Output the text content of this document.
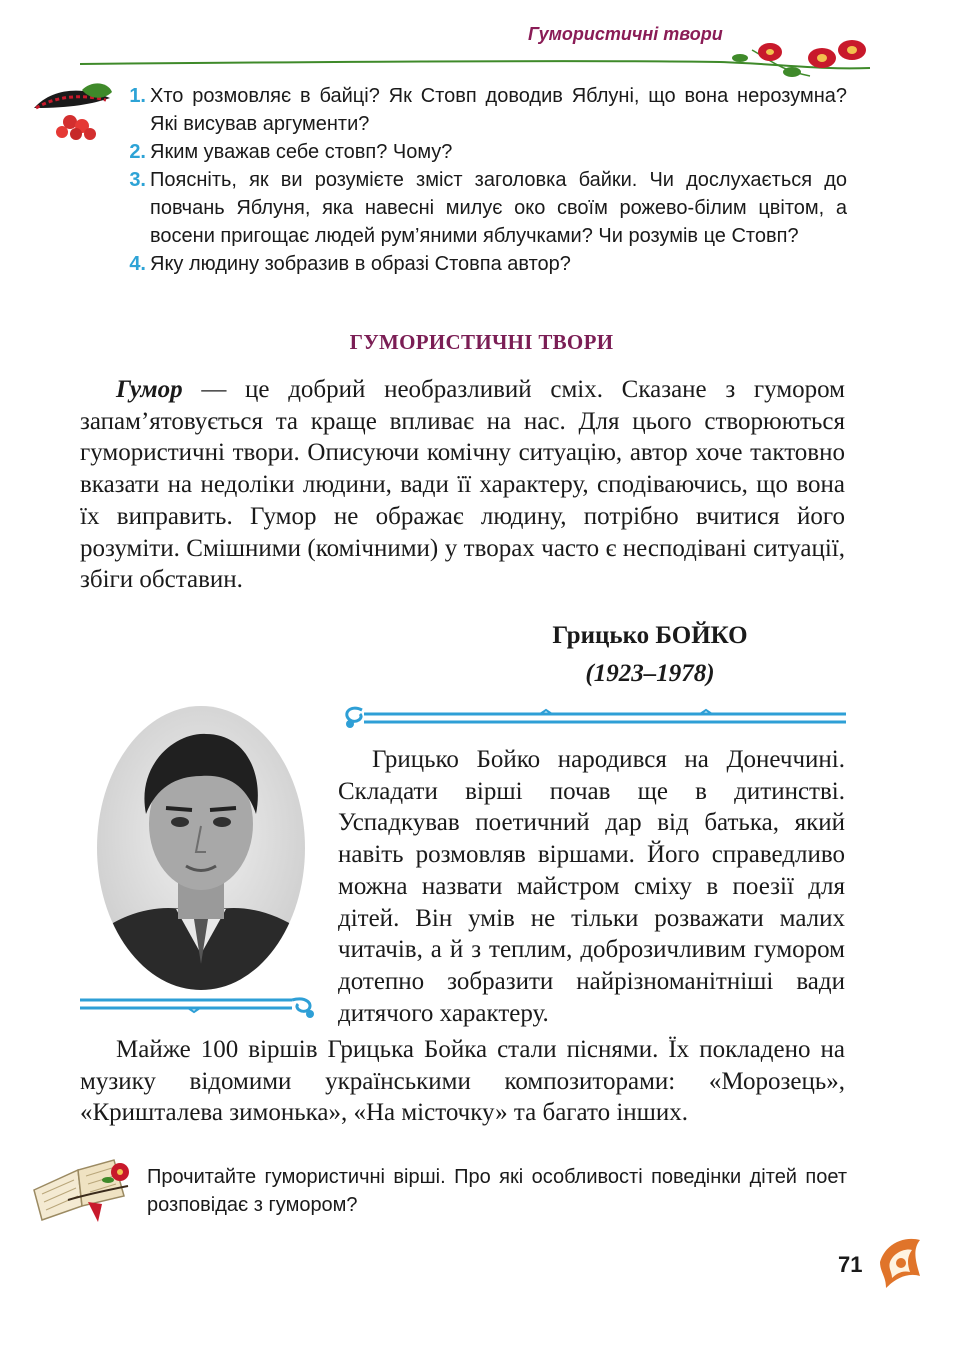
Гумористичні твори
1. Хто розмовляє в байці? Як Стовп доводив Яблуні, що вона нерозумна? Які висував аргументи?
2. Яким уважав себе стовп? Чому?
3. Поясніть, як ви розумієте зміст заголовка байки. Чи дослухається до повчань Яблуня, яка навесні милує око своїм рожево-білим цвітом, а восени пригощає людей рум’яними яблучками? Чи розумів це Стовп?
4. Яку людину зобразив в образі Стовпа автор?
ГУМОРИСТИЧНІ ТВОРИ

Гумор — це добрий необразливий сміх. Сказане з гумором запам’ятовується та краще впливає на нас. Для цього створюються гумористичні твори. Описуючи комічну ситуацію, автор хоче тактовно вказати на недоліки людини, вади її характеру, сподіваючись, що вона їх виправить. Гумор не ображає людину, потрібно вчитися його розуміти. Смішними (комічними) у творах часто є несподівані ситуації, збіги обставин.

Грицько БОЙКО
(1923–1978)

Грицько Бойко народився на Донеччині. Складати вірші почав ще в дитинстві. Успадкував поетичний дар від батька, який навіть розмовляв віршами. Його справедливо можна назвати майстром сміху в поезії для дітей. Він умів не тільки розважати малих читачів, а й з теплим, доброзичливим гумором дотепно зобразити найрізноманітніші вади дитячого характеру.

Майже 100 віршів Грицька Бойка стали піснями. Їх покладено на музику відомими українськими композиторами: «Морозець», «Кришталева зимонька», «На місточку» та багато інших.

Прочитайте гумористичні вірші. Про які особливості поведінки дітей поет розповідає з гумором?

71
